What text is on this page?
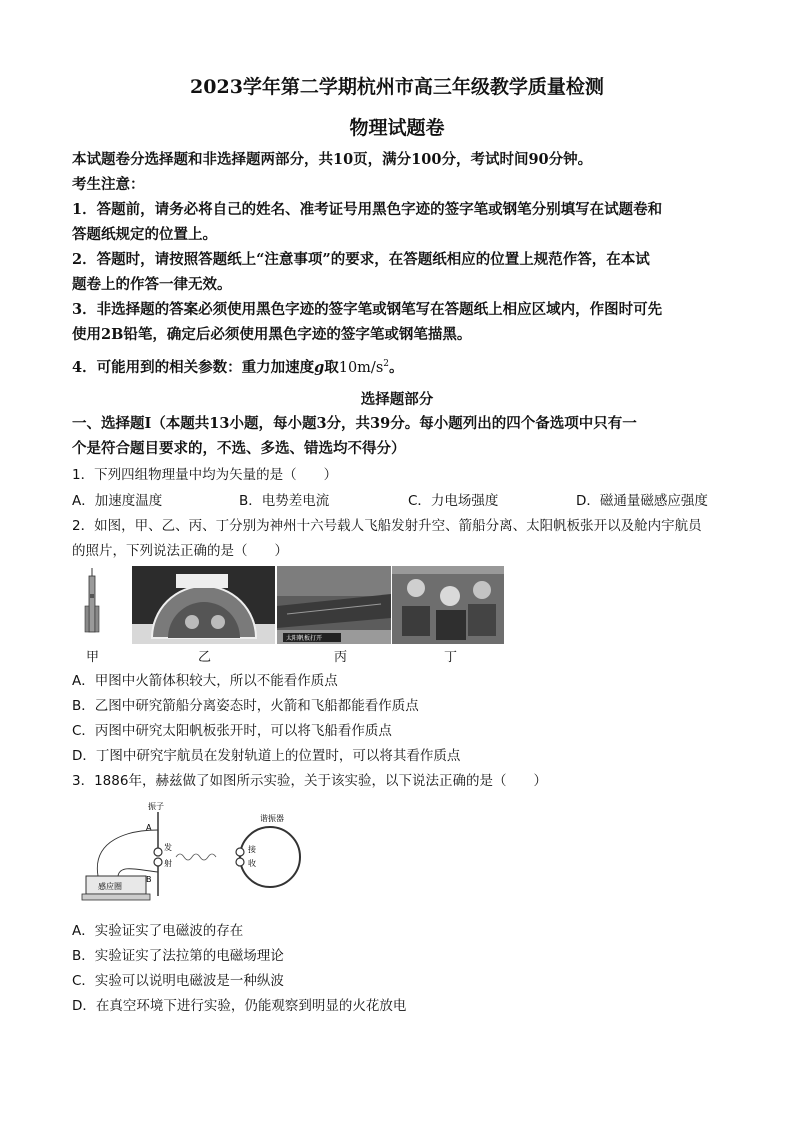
2023学年第二学期杭州市高三年级教学质量检测
物理试题卷
本试题卷分选择题和非选择题两部分，共10页，满分100分，考试时间90分钟。
考生注意：
1．答题前，请务必将自己的姓名、准考证号用黑色字迹的签字笔或钢笔分别填写在试题卷和
答题纸规定的位置上。
2．答题时，请按照答题纸上“注意事项”的要求，在答题纸相应的位置上规范作答，在本试
题卷上的作答一律无效。
3．非选择题的答案必须使用黑色字迹的签字笔或钢笔写在答题纸上相应区域内，作图时可先
使用2B铅笔，确定后必须使用黑色字迹的签字笔或钢笔描黑。
4．可能用到的相关参数：重力加速度g取$10m/s^2$。
选择题部分
一、选择题Ⅰ（本题共13小题，每小题3分，共39分。每小题列出的四个备选项中只有一
个是符合题目要求的，不选、多选、错选均不得分）
1．下列四组物理量中均为矢量的是（　　）
A．加速度温度	B．电势差电流	C．力电场强度	D．磁通量磁感应强度
2．如图，甲、乙、丙、丁分别为神州十六号载人飞船发射升空、箭船分离、太阳帆板张开以及舱内宇航员
的照片，下列说法正确的是（　　）
太阳帆板打开
甲	乙	丙	丁
A．甲图中火箭体积较大，所以不能看作质点
B．乙图中研究箭船分离姿态时，火箭和飞船都能看作质点
C．丙图中研究太阳帆板张开时，可以将飞船看作质点
D．丁图中研究宇航员在发射轨道上的位置时，可以将其看作质点
3．1886年，赫兹做了如图所示实验，关于该实验，以下说法正确的是（　　）
振子
谐振器
A
B
发
射
接
收
感应圈
A．实验证实了电磁波的存在
B．实验证实了法拉第的电磁场理论
C．实验可以说明电磁波是一种纵波
D．在真空环境下进行实验，仍能观察到明显的火花放电
